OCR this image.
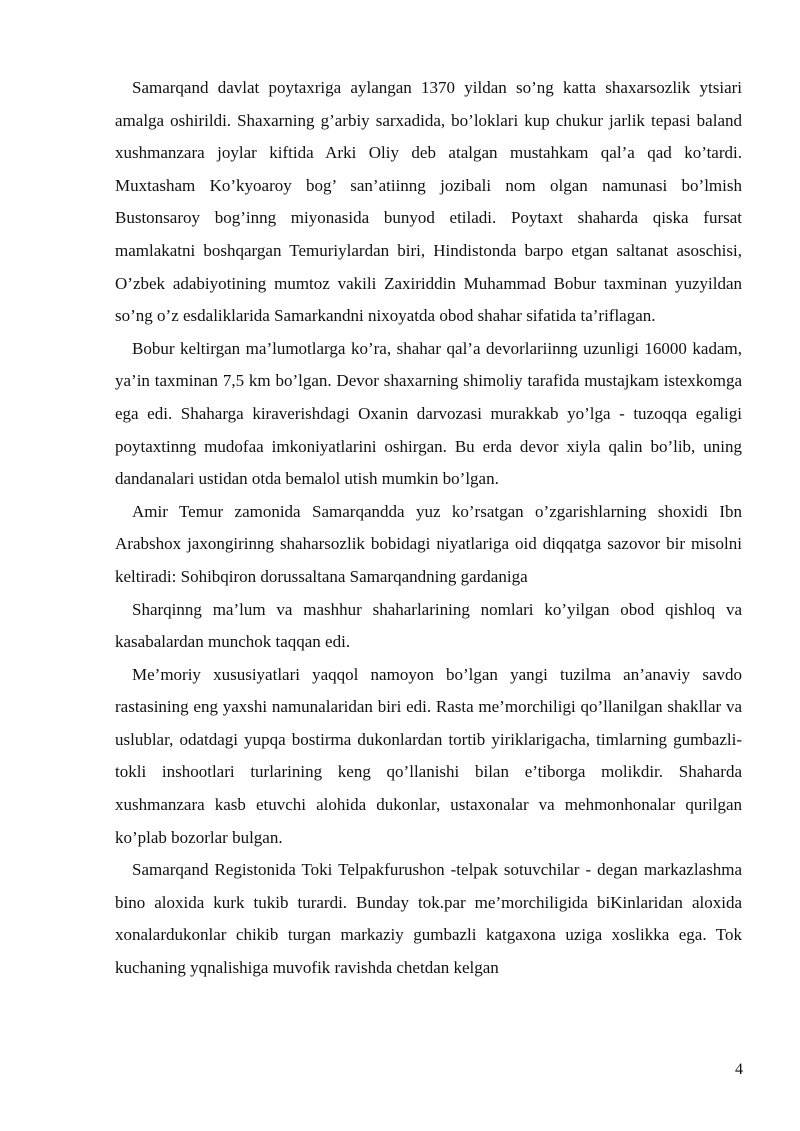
Samarqand davlat poytaxriga aylangan 1370 yildan so’ng katta shaxarsozlik ytsiari amalga oshirildi. Shaxarning g’arbiy sarxadida, bo’loklari kup chukur jarlik tepasi baland xushmanzara joylar kiftida Arki Oliy deb atalgan mustahkam qal’a qad ko’tardi. Muxtasham Ko’kyoaroy bog’ san’atiinng jozibali nom olgan namunasi bo’lmish Bustonsaroy bog’inng miyonasida bunyod etiladi. Poytaxt shaharda qiska fursat mamlakatni boshqargan Temuriylardan biri, Hindistonda barpo etgan saltanat asoschisi, O’zbek adabiyotining mumtoz vakili Zaxiriddin Muhammad Bobur taxminan yuzyildan so’ng o’z esdaliklarida Samarkandni nixoyatda obod shahar sifatida ta’riflagan.

Bobur keltirgan ma’lumotlarga ko’ra, shahar qal’a devorlariinng uzunligi 16000 kadam, ya’in taxminan 7,5 km bo’lgan. Devor shaxarning shimoliy tarafida mustajkam istexkomga ega edi. Shaharga kiraverishdagi Oxanin darvozasi murakkab yo’lga - tuzoqqa egaligi poytaxtinng mudofaa imkoniyatlarini oshirgan. Bu erda devor xiyla qalin bo’lib, uning dandanalari ustidan otda bemalol utish mumkin bo’lgan.

Amir Temur zamonida Samarqandda yuz ko’rsatgan o’zgarishlarning shoxidi Ibn Arabshox jaxongirinng shaharsozlik bobidagi niyatlariga oid diqqatga sazovor bir misolni keltiradi: Sohibqiron dorussaltana Samarqandning gardaniga

Sharqinng ma’lum va mashhur shaharlarining nomlari ko’yilgan obod qishloq va kasabalardan munchok taqqan edi.

Me’moriy xususiyatlari yaqqol namoyon bo’lgan yangi tuzilma an’anaviy savdo rastasining eng yaxshi namunalaridan biri edi. Rasta me’morchiligi qo’llanilgan shakllar va uslublar, odatdagi yupqa bostirma dukonlardan tortib yiriklarigacha, timlarning gumbazli-tokli inshootlari turlarining keng qo’llanishi bilan e’tiborga molikdir. Shaharda xushmanzara kasb etuvchi alohida dukonlar, ustaxonalar va mehmonhonalar qurilgan ko’plab bozorlar bulgan.

Samarqand Registonida Toki Telpakfurushon -telpak sotuvchilar - degan markazlashma bino aloxida kurk tukib turardi. Bunday tok.par me’morchiligida biKinlaridan aloxida xonalardukonlar chikib turgan markaziy gumbazli katgaxona uziga xoslikka ega. Tok kuchaning yqnalishiga muvofik ravishda chetdan kelgan

4
